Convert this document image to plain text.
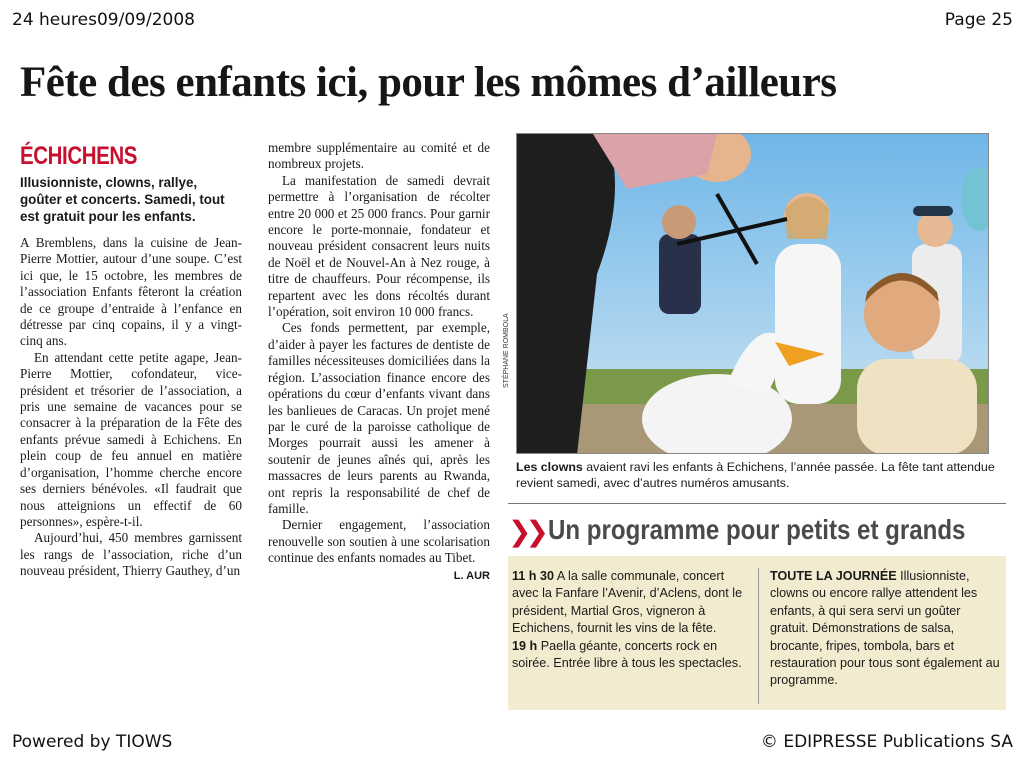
24 heures09/09/2008	Page 25
Fête des enfants ici, pour les mômes d’ailleurs
ÉCHICHENS
Illusionniste, clowns, rallye, goûter et concerts. Samedi, tout est gratuit pour les enfants.

A Bremblens, dans la cuisine de Jean-Pierre Mottier, autour d’une soupe. C’est ici que, le 15 octobre, les membres de l’association Enfants fêteront la création de ce groupe d’entraide à l’enfance en détresse par cinq copains, il y a vingt-cinq ans.

En attendant cette petite agape, Jean-Pierre Mottier, cofondateur, vice-président et trésorier de l’association, a pris une semaine de vacances pour se consacrer à la préparation de la Fête des enfants prévue samedi à Echichens. En plein coup de feu annuel en matière d’organisation, l’homme cherche encore ses derniers bénévoles. «Il faudrait que nous atteignions un effectif de 60 personnes», espère-t-il.

Aujourd’hui, 450 membres garnissent les rangs de l’association, riche d’un nouveau président, Thierry Gauthey, d’un

membre supplémentaire au comité et de nombreux projets.

La manifestation de samedi devrait permettre à l’organisation de récolter entre 20 000 et 25 000 francs. Pour garnir encore le porte-monnaie, fondateur et nouveau président consacrent leurs nuits de Noël et de Nouvel-An à Nez rouge, à titre de chauffeurs. Pour récompense, ils repartent avec les dons récoltés durant l’opération, soit environ 10 000 francs.

Ces fonds permettent, par exemple, d’aider à payer les factures de dentiste de familles nécessiteuses domiciliées dans la région. L’association finance encore des opérations du cœur d’enfants vivant dans les banlieues de Caracas. Un projet mené par le curé de la paroisse catholique de Morges pourrait aussi les amener à soutenir de jeunes aînés qui, après les massacres de leurs parents au Rwanda, ont repris la responsabilité de chef de famille.

Dernier engagement, l’association renouvelle son soutien à une scolarisation continue des enfants nomades au Tibet.
L. AUR

STÉPHANE ROMBOLA
Les clowns avaient ravi les enfants à Echichens, l’année passée. La fête tant attendue revient samedi, avec d’autres numéros amusants.
❯❯ Un programme pour petits et grands
11 h 30 A la salle communale, concert avec la Fanfare l’Avenir, d’Aclens, dont le président, Martial Gros, vigneron à Echichens, fournit les vins de la fête.
19 h Paella géante, concerts rock en soirée. Entrée libre à tous les spectacles.
TOUTE LA JOURNÉE Illusionniste, clowns ou encore rallye attendent les enfants, à qui sera servi un goûter gratuit. Démonstrations de salsa, brocante, fripes, tombola, bars et restauration pour tous sont également au programme.
Powered by TIOWS	© EDIPRESSE Publications SA
